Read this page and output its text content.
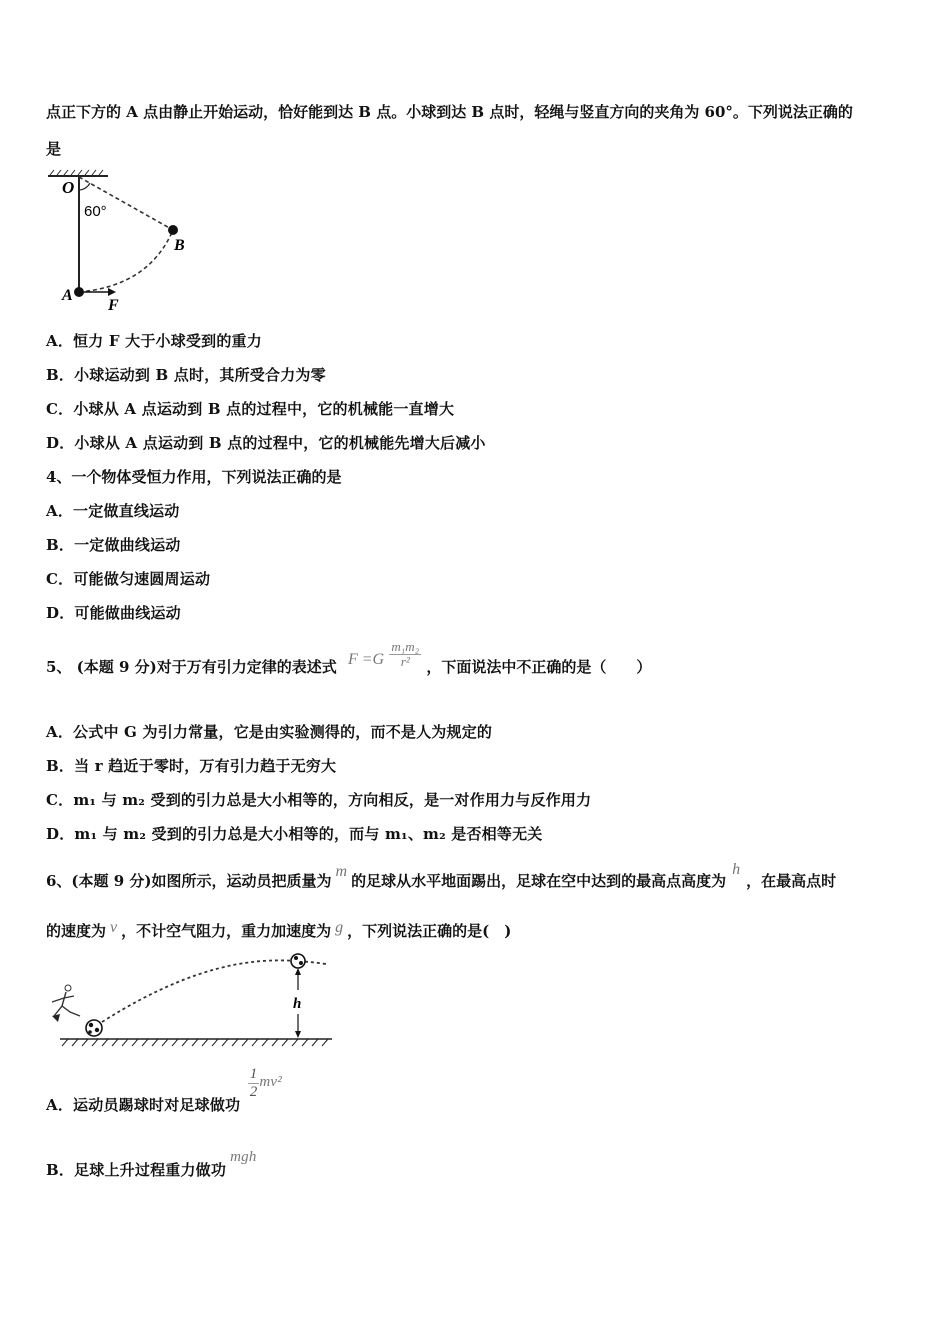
点正下方的 A 点由静止开始运动，恰好能到达 B 点。小球到达 B 点时，轻绳与竖直方向的夹角为 60°。下列说法正确的
是
O
60°
B
A
F
A．恒力 F 大于小球受到的重力
B．小球运动到 B 点时，其所受合力为零
C．小球从 A 点运动到 B 点的过程中，它的机械能一直增大
D．小球从 A 点运动到 B 点的过程中，它的机械能先增大后减小
4、一个物体受恒力作用，下列说法正确的是
A．一定做直线运动
B．一定做曲线运动
C．可能做匀速圆周运动
D．可能做曲线运动
5、 (本题 9 分)对于万有引力定律的表述式 $F =G \frac{\text{m₁m₂}}{\text{r²}}$ ，下面说法中不正确的是（　　）
A．公式中 G 为引力常量，它是由实验测得的，而不是人为规定的
B．当 r 趋近于零时，万有引力趋于无穷大
C．m₁ 与 m₂ 受到的引力总是大小相等的，方向相反，是一对作用力与反作用力
D．m₁ 与 m₂ 受到的引力总是大小相等的，而与 m₁、m₂ 是否相等无关
6、(本题 9 分)如图所示，运动员把质量为m的足球从水平地面踢出，足球在空中达到的最高点高度为h，在最高点时
的速度为 v ，不计空气阻力，重力加速度为 g ，下列说法正确的是(　)
h
A．运动员踢球时对足球做功
$\frac{1}{2} mv^2$
B．足球上升过程重力做功mgh
